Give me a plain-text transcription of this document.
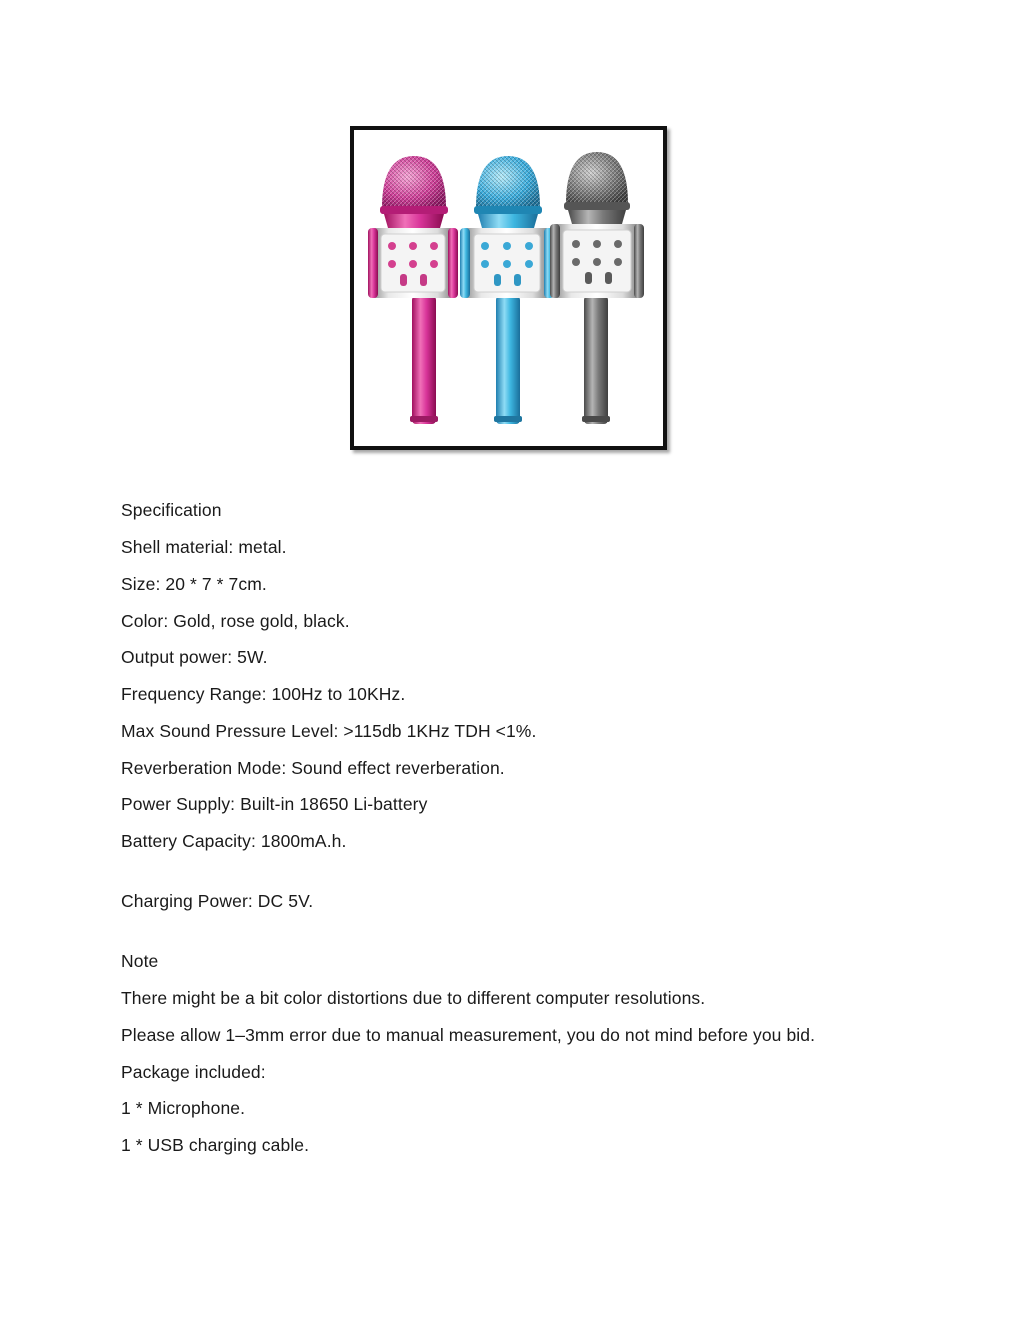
Specification
Shell material: metal.
Size: 20 * 7 * 7cm.
Color: Gold, rose gold, black.
Output power: 5W.
Frequency Range: 100Hz to 10KHz.
Max Sound Pressure Level: >115db 1KHz TDH <1%.
Reverberation Mode: Sound effect reverberation.
Power Supply: Built-in 18650 Li-battery
Battery Capacity: 1800mA.h.
Charging Power: DC 5V.
Note
There might be a bit color distortions due to different computer resolutions.
Please allow 1–3mm error due to manual measurement, you do not mind before you bid.
Package included:
1 * Microphone.
1 * USB charging cable.
